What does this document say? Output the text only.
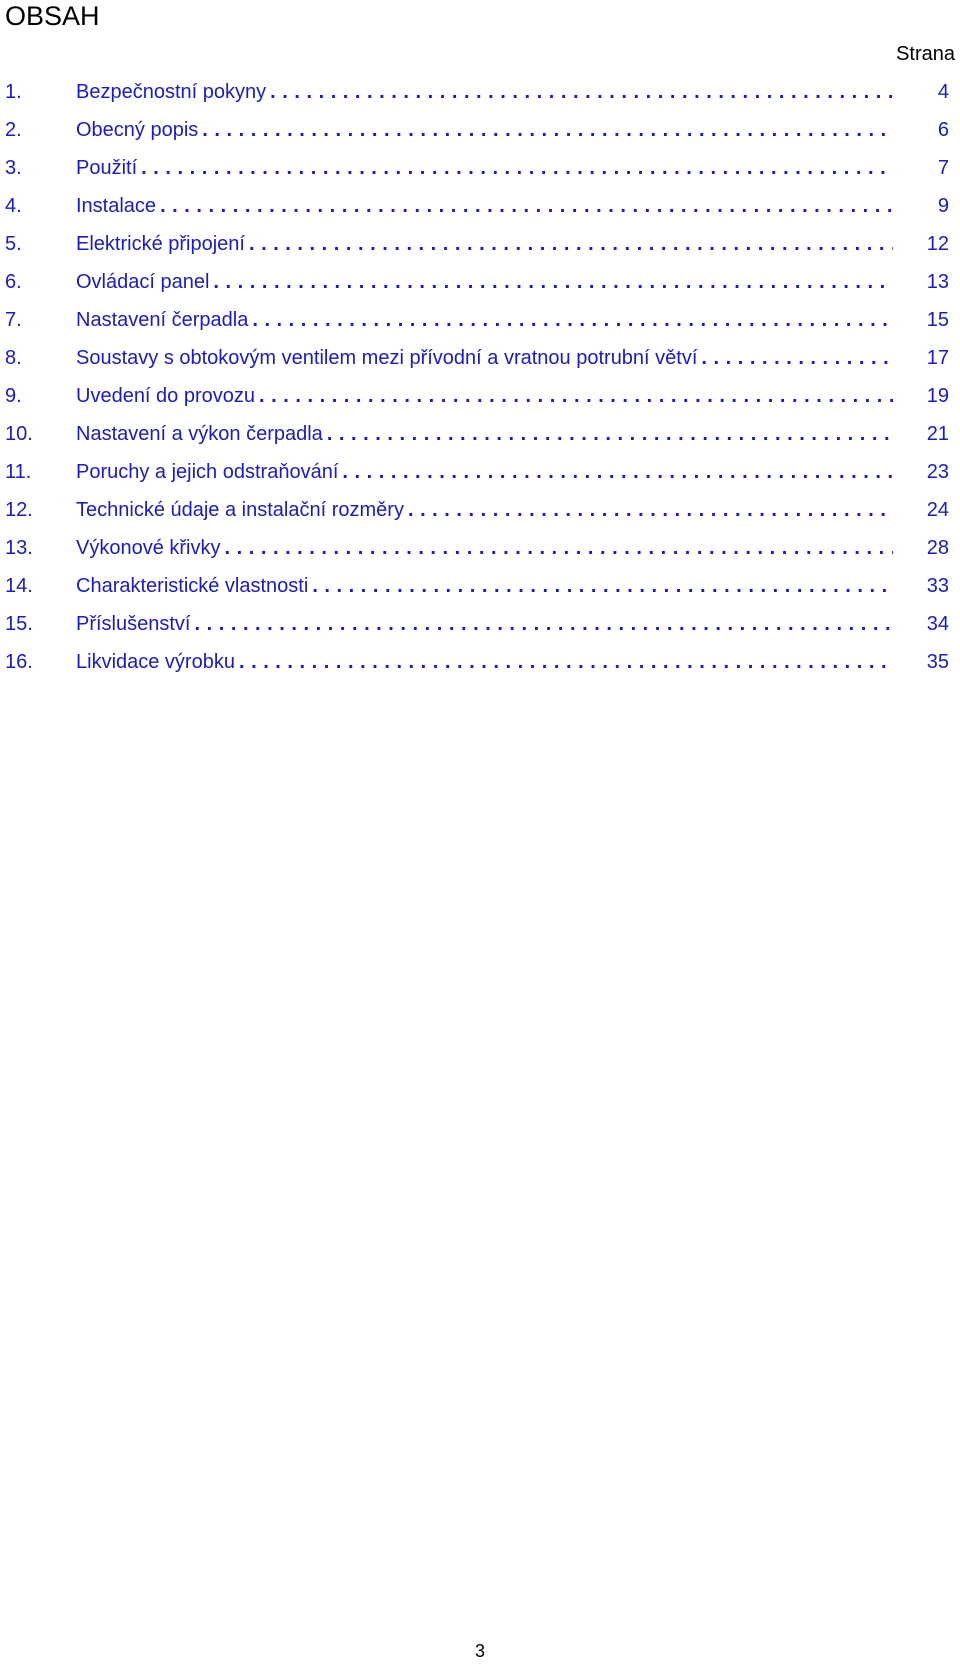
OBSAH
Strana
1.	Bezpečnostní pokyny . . .	4
2.	Obecný popis . . .	6
3.	Použití . . .	7
4.	Instalace . . .	9
5.	Elektrické připojení . . .	12
6.	Ovládací panel . . .	13
7.	Nastavení čerpadla . . .	15
8.	Soustavy s obtokovým ventilem mezi přívodní a vratnou potrubní větví . . .	17
9.	Uvedení do provozu . . .	19
10.	Nastavení a výkon čerpadla . . .	21
11.	Poruchy a jejich odstraňování . . .	23
12.	Technické údaje a instalační rozměry . . .	24
13.	Výkonové křivky . . .	28
14.	Charakteristické vlastnosti . . .	33
15.	Příslušenství . . .	34
16.	Likvidace výrobku . . .	35
3
